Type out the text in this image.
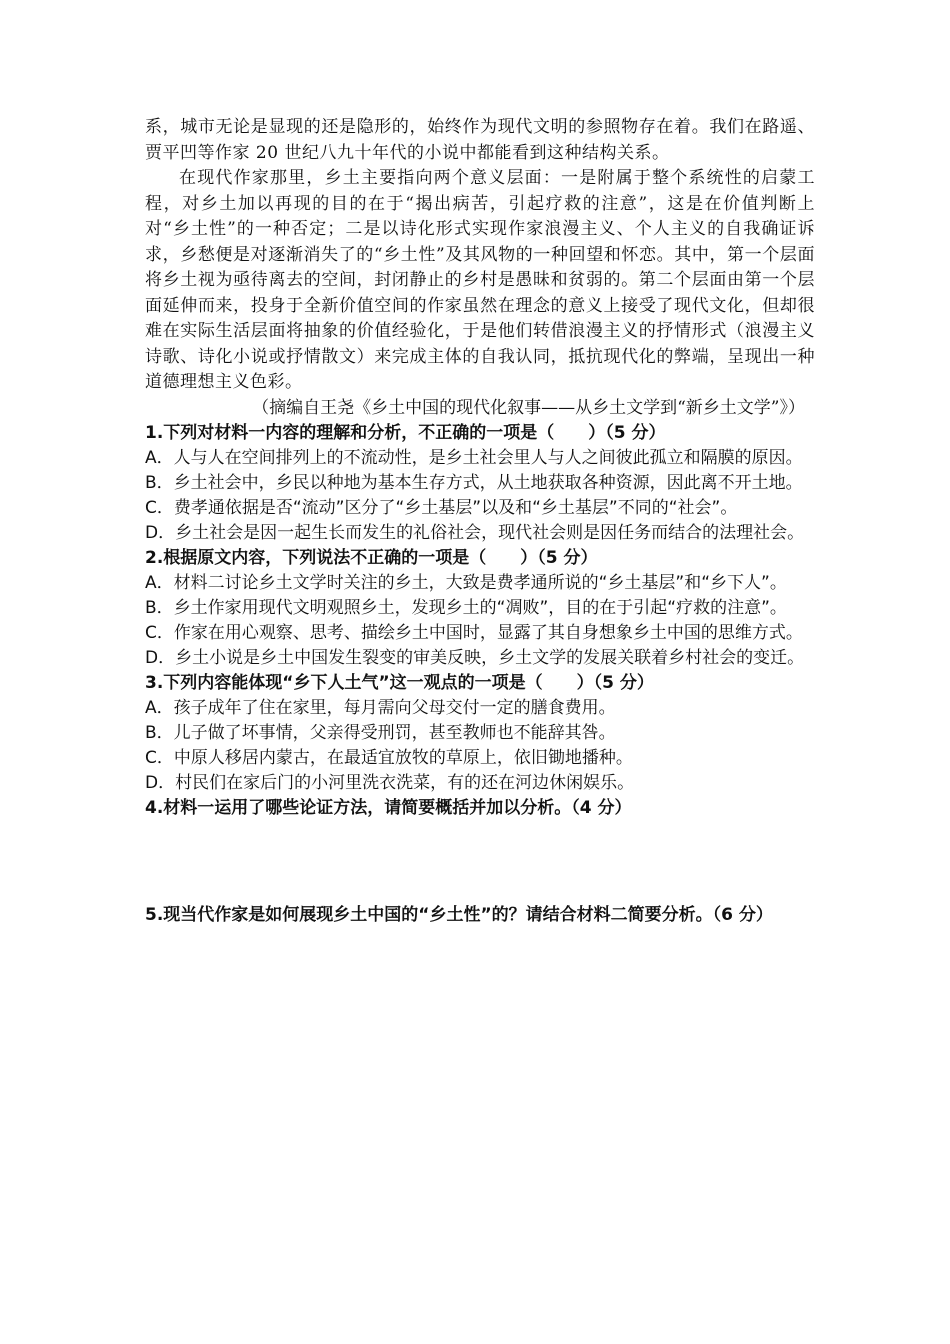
系，城市无论是显现的还是隐形的，始终作为现代文明的参照物存在着。我们在路遥、贾平凹等作家 20 世纪八九十年代的小说中都能看到这种结构关系。

在现代作家那里，乡土主要指向两个意义层面：一是附属于整个系统性的启蒙工程，对乡土加以再现的目的在于“揭出病苦，引起疗救的注意”，这是在价值判断上对“乡土性”的一种否定；二是以诗化形式实现作家浪漫主义、个人主义的自我确证诉求，乡愁便是对逐渐消失了的“乡土性”及其风物的一种回望和怀恋。其中，第一个层面将乡土视为亟待离去的空间，封闭静止的乡村是愚昧和贫弱的。第二个层面由第一个层面延伸而来，投身于全新价值空间的作家虽然在理念的意义上接受了现代文化，但却很难在实际生活层面将抽象的价值经验化，于是他们转借浪漫主义的抒情形式（浪漫主义诗歌、诗化小说或抒情散文）来完成主体的自我认同，抵抗现代化的弊端，呈现出一种道德理想主义色彩。

（摘编自王尧《乡土中国的现代化叙事——从乡土文学到“新乡土文学”》）

1.下列对材料一内容的理解和分析，不正确的一项是（　　）（5 分）

A．人与人在空间排列上的不流动性，是乡土社会里人与人之间彼此孤立和隔膜的原因。

B．乡土社会中，乡民以种地为基本生存方式，从土地获取各种资源，因此离不开土地。

C．费孝通依据是否“流动”区分了“乡土基层”以及和“乡土基层”不同的“社会”。

D．乡土社会是因一起生长而发生的礼俗社会，现代社会则是因任务而结合的法理社会。

2.根据原文内容，下列说法不正确的一项是（　　）（5 分）

A．材料二讨论乡土文学时关注的乡土，大致是费孝通所说的“乡土基层”和“乡下人”。

B．乡土作家用现代文明观照乡土，发现乡土的“凋败”，目的在于引起“疗救的注意”。

C．作家在用心观察、思考、描绘乡土中国时，显露了其自身想象乡土中国的思维方式。

D．乡土小说是乡土中国发生裂变的审美反映，乡土文学的发展关联着乡村社会的变迁。

3.下列内容能体现“乡下人土气”这一观点的一项是（　　）（5 分）

A．孩子成年了住在家里，每月需向父母交付一定的膳食费用。

B．儿子做了坏事情，父亲得受刑罚，甚至教师也不能辞其咎。

C．中原人移居内蒙古，在最适宜放牧的草原上，依旧锄地播种。

D．村民们在家后门的小河里洗衣洗菜，有的还在河边休闲娱乐。

4.材料一运用了哪些论证方法，请简要概括并加以分析。（4 分）

5.现当代作家是如何展现乡土中国的“乡土性”的？请结合材料二简要分析。（6 分）
